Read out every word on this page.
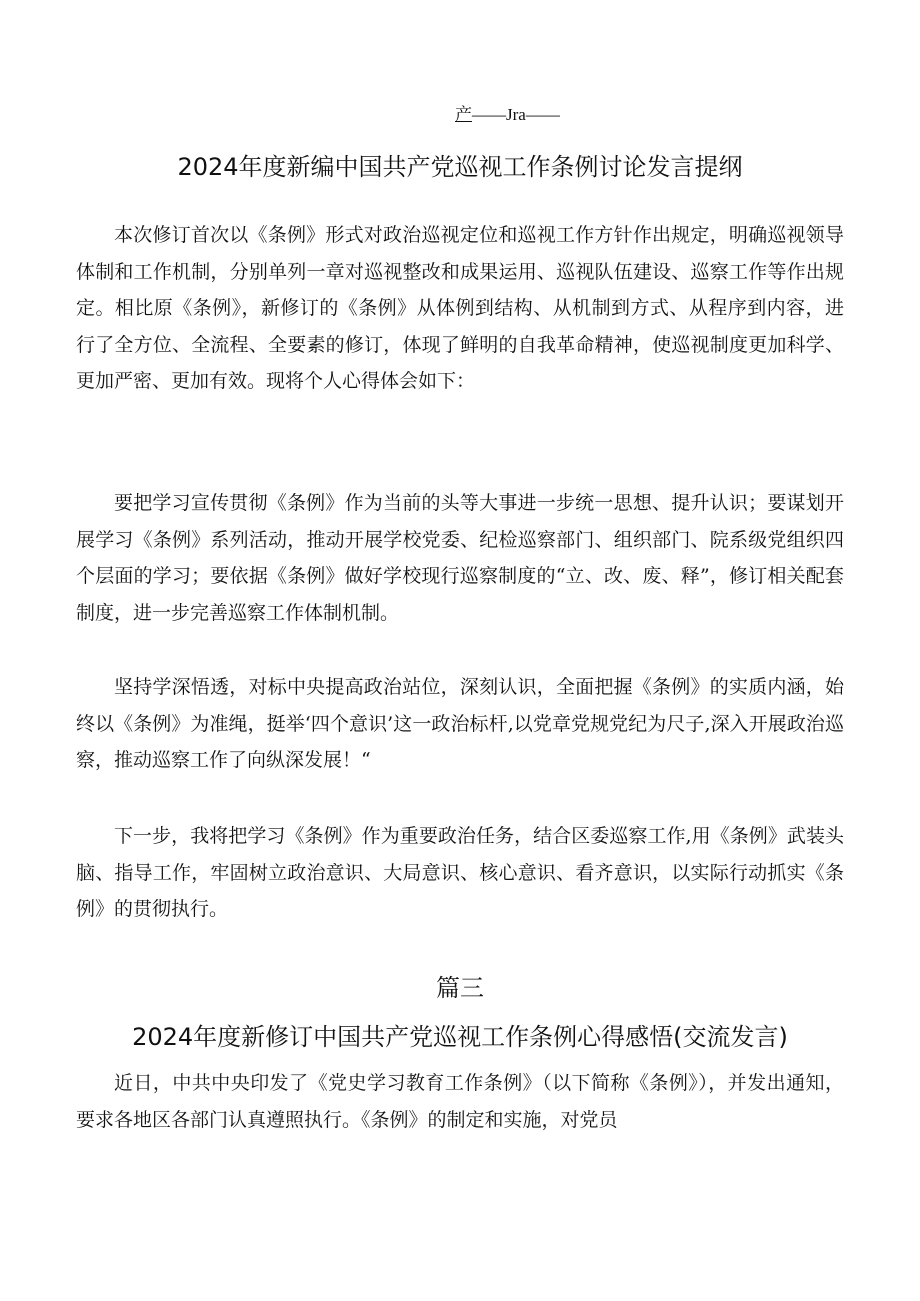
产——Jra——
2024年度新编中国共产党巡视工作条例讨论发言提纲

本次修订首次以《条例》形式对政治巡视定位和巡视工作方针作出规定，明确巡视领导体制和工作机制，分别单列一章对巡视整改和成果运用、巡视队伍建设、巡察工作等作出规定。相比原《条例》，新修订的《条例》从体例到结构、从机制到方式、从程序到内容，进行了全方位、全流程、全要素的修订，体现了鲜明的自我革命精神，使巡视制度更加科学、更加严密、更加有效。现将个人心得体会如下：

要把学习宣传贯彻《条例》作为当前的头等大事进一步统一思想、提升认识；要谋划开展学习《条例》系列活动，推动开展学校党委、纪检巡察部门、组织部门、院系级党组织四个层面的学习；要依据《条例》做好学校现行巡察制度的“立、改、废、释”，修订相关配套制度，进一步完善巡察工作体制机制。

坚持学深悟透，对标中央提高政治站位，深刻认识，全面把握《条例》的实质内涵，始终以《条例》为准绳，挺举‘四个意识’这一政治标杆,以党章党规党纪为尺子,深入开展政治巡察，推动巡察工作了向纵深发展！“

下一步，我将把学习《条例》作为重要政治任务，结合区委巡察工作,用《条例》武装头脑、指导工作，牢固树立政治意识、大局意识、核心意识、看齐意识，以实际行动抓实《条例》的贯彻执行。

篇三
2024年度新修订中国共产党巡视工作条例心得感悟(交流发言)

近日，中共中央印发了《党史学习教育工作条例》（以下简称《条例》），并发出通知，要求各地区各部门认真遵照执行。《条例》的制定和实施，对党员
